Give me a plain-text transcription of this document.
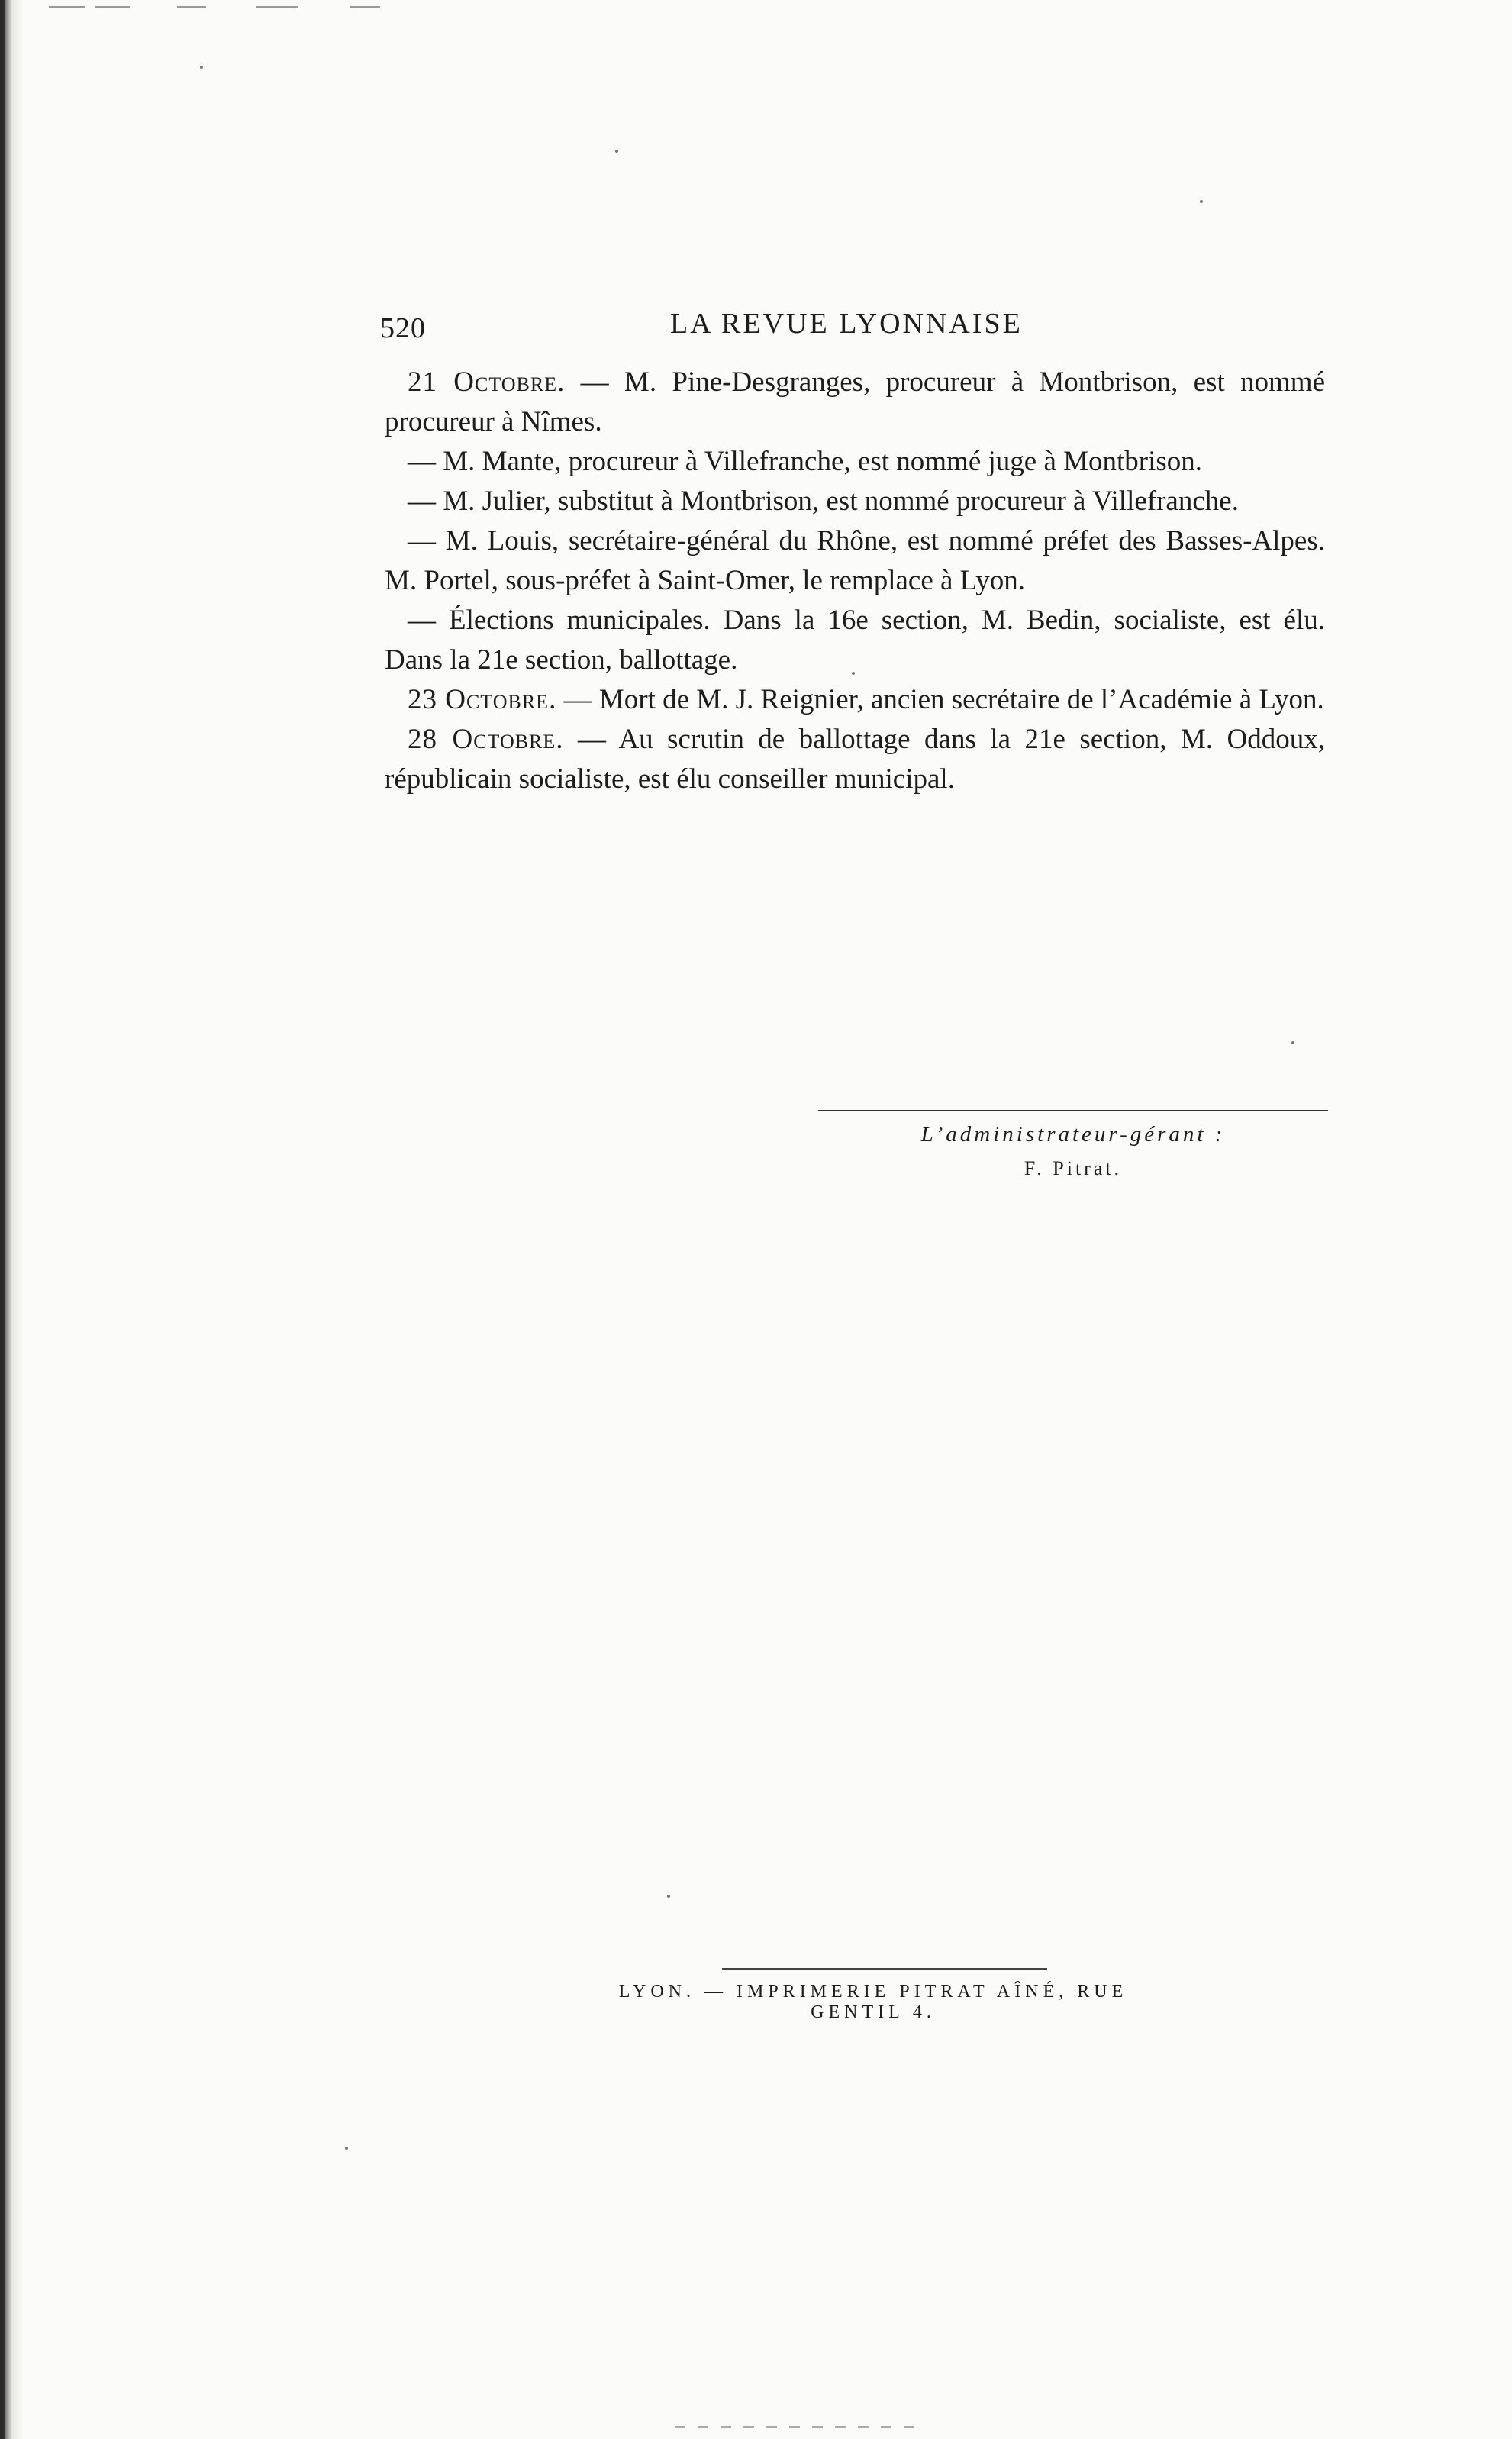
520	LA REVUE LYONNAISE

21 Octobre. — M. Pine-Desgranges, procureur à Montbrison, est nommé procureur à Nîmes.

— M. Mante, procureur à Villefranche, est nommé juge à Montbrison.

— M. Julier, substitut à Montbrison, est nommé procureur à Villefranche.

— M. Louis, secrétaire-général du Rhône, est nommé préfet des Basses-Alpes. M. Portel, sous-préfet à Saint-Omer, le remplace à Lyon.

— Élections municipales. Dans la 16e section, M. Bedin, socialiste, est élu. Dans la 21e section, ballottage.

23 Octobre. — Mort de M. J. Reignier, ancien secrétaire de l’Académie à Lyon.

28 Octobre. — Au scrutin de ballottage dans la 21e section, M. Oddoux, républicain socialiste, est élu conseiller municipal.

L’administrateur-gérant :
F. Pitrat.
LYON. — IMPRIMERIE PITRAT AÎNÉ, RUE GENTIL 4.
